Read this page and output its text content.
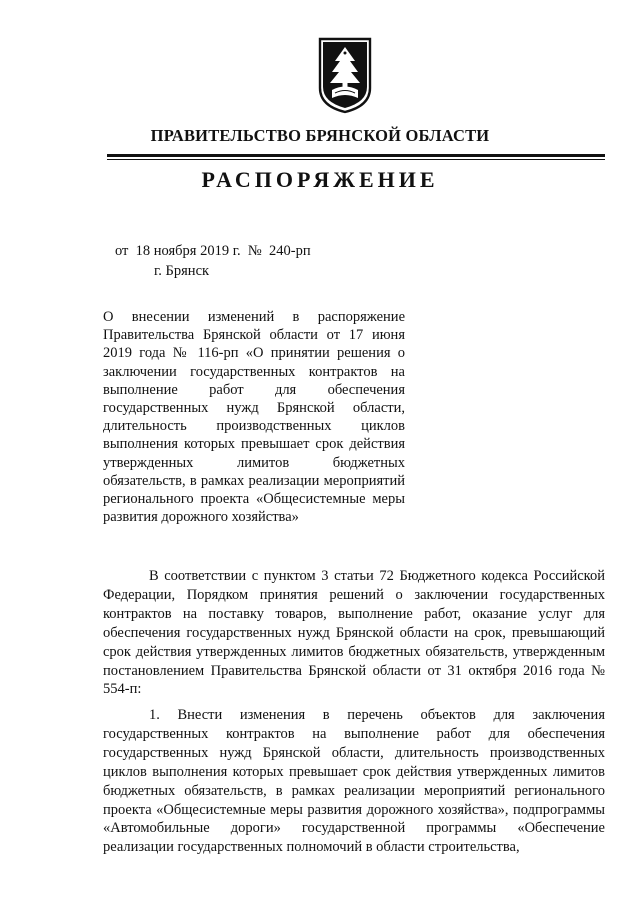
ПРАВИТЕЛЬСТВО БРЯНСКОЙ ОБЛАСТИ
РАСПОРЯЖЕНИЕ
от  18 ноября 2019 г.  №  240-рп
г. Брянск
О внесении изменений в распоряжение Правительства Брянской области от 17 июня 2019 года № 116-рп «О принятии решения о заключении государственных контрактов на выполнение работ для обеспечения государственных нужд Брянской области, длительность производственных циклов выполнения которых превышает срок действия утвержденных лимитов бюджетных обязательств, в рамках реализации мероприятий регионального проекта «Общесистемные меры развития дорожного хозяйства»
В соответствии с пунктом 3 статьи 72 Бюджетного кодекса Российской Федерации, Порядком принятия решений о заключении государственных контрактов на поставку товаров, выполнение работ, оказание услуг для обеспечения государственных нужд Брянской области на срок, превышающий срок действия утвержденных лимитов бюджетных обязательств, утвержденным постановлением Правительства Брянской области от 31 октября 2016 года № 554-п:
1. Внести изменения в перечень объектов для заключения государственных контрактов на выполнение работ для обеспечения государственных нужд Брянской области, длительность производственных циклов выполнения которых превышает срок действия утвержденных лимитов бюджетных обязательств, в рамках реализации мероприятий регионального проекта «Общесистемные меры развития дорожного хозяйства», подпрограммы «Автомобильные дороги» государственной программы «Обеспечение реализации государственных полномочий в области строительства,
